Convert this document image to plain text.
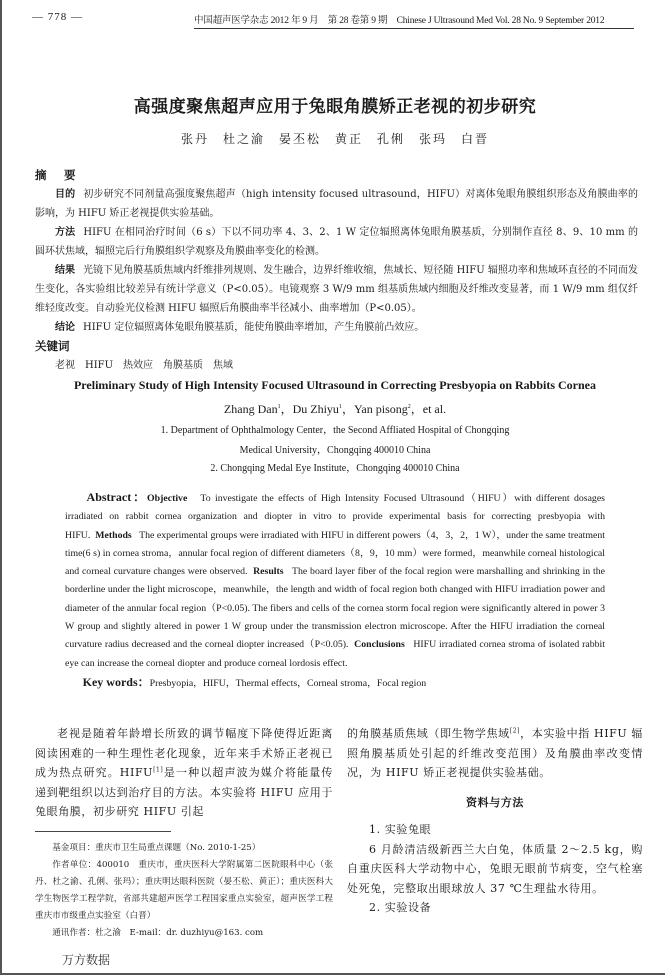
— 778 —	中国超声医学杂志 2012 年 9 月　第 28 卷第 9 期　Chinese J Ultrasound Med Vol. 28 No. 9 September 2012
高强度聚焦超声应用于兔眼角膜矫正老视的初步研究
张丹　杜之渝　晏丕松　黄正　孔俐　张玛　白晋
摘　要

目的 初步研究不同剂量高强度聚焦超声（high intensity focused ultrasound，HIFU）对离体兔眼角膜组织形态及角膜曲率的影响，为 HIFU 矫正老视提供实验基础。

方法 HIFU 在相同治疗时间（6 s）下以不同功率 4、3、2、1 W 定位辐照离体兔眼角膜基质，分别制作直径 8、9、10 mm 的圆环状焦域，辐照完后行角膜组织学观察及角膜曲率变化的检测。

结果 光镜下见角膜基质焦域内纤维排列规则、发生融合，边界纤维收缩，焦域长、短径随 HIFU 辐照功率和焦域环直径的不同而发生变化，各实验组比较差异有统计学意义（P<0.05）。电镜观察 3 W/9 mm 组基质焦域内细胞及纤维改变显著，而 1 W/9 mm 组仅纤维轻度改变。自动验光仪检测 HIFU 辐照后角膜曲率半径减小、曲率增加（P<0.05）。

结论 HIFU 定位辐照离体兔眼角膜基质，能使角膜曲率增加，产生角膜前凸效应。

关键词

老视　HIFU　热效应　角膜基质　焦域

Preliminary Study of High Intensity Focused Ultrasound in Correcting Presbyopia on Rabbits Cornea
Zhang Dan$^1$，Du Zhiyu$^1$，Yan pisong$^2$，et al.
1. Department of Ophthalmology Center，the Second Affliated Hospital of Chongqing
Medical University，Chongqing 400010 China
2. Chongqing Medal Eye Institute，Chongqing 400010 China

Abstract：Objective To investigate the effects of High Intensity Focused Ultrasound（HIFU）with different dosages irradiated on rabbit cornea organization and diopter in vitro to provide experimental basis for correcting presbyopia with HIFU. Methods The experimental groups were irradiated with HIFU in different powers（4，3，2，1 W），under the same treatment time(6 s) in cornea stroma，annular focal region of different diameters（8，9，10 mm）were formed，meanwhile corneal histological and corneal curvature changes were observed. Results The board layer fiber of the focal region were marshalling and shrinking in the borderline under the light microscope，meanwhile，the length and width of focal region both changed with HIFU irradiation power and diameter of the annular focal region（P<0.05). The fibers and cells of the cornea storm focal region were significantly altered in power 3 W group and slightly altered in power 1 W group under the transmission electron microscope. After the HIFU irradiation the corneal curvature radius decreased and the corneal diopter increased（P<0.05). Conclusions HIFU irradiated cornea stroma of isolated rabbit eye can increase the corneal diopter and produce corneal lordosis effect.

Key words：Presbyopia，HIFU，Thermal effects，Corneal stroma，Focal region

老视是随着年龄增长所致的调节幅度下降使得近距离阅读困难的一种生理性老化现象，近年来手术矫正老视已成为热点研究。HIFU[1]是一种以超声波为媒介将能量传递到靶组织以达到治疗目的方法。本实验将 HIFU 应用于兔眼角膜，初步研究 HIFU 引起

基金项目：重庆市卫生局重点课题（No. 2010-1-25）

作者单位：400010　重庆市，重庆医科大学附属第二医院眼科中心（张丹、杜之渝、孔俐、张玛）；重庆明达眼科医院（晏丕松、黄正）；重庆医科大学生物医学工程学院，省部共建超声医学工程国家重点实验室，超声医学工程重庆市市级重点实验室（白晋）

通讯作者：杜之渝　E-mail：dr. duzhiyu@163. com

万方数据

的角膜基质焦域（即生物学焦域[2]，本实验中指 HIFU 辐照角膜基质处引起的纤维改变范围）及角膜曲率改变情况，为 HIFU 矫正老视提供实验基础。

资料与方法

1. 实验兔眼

6 月龄清洁级新西兰大白兔，体质量 2～2.5 kg，购自重庆医科大学动物中心，兔眼无眼前节病变，空气栓塞处死兔，完整取出眼球放人 37 ℃生理盐水待用。

2. 实验设备
